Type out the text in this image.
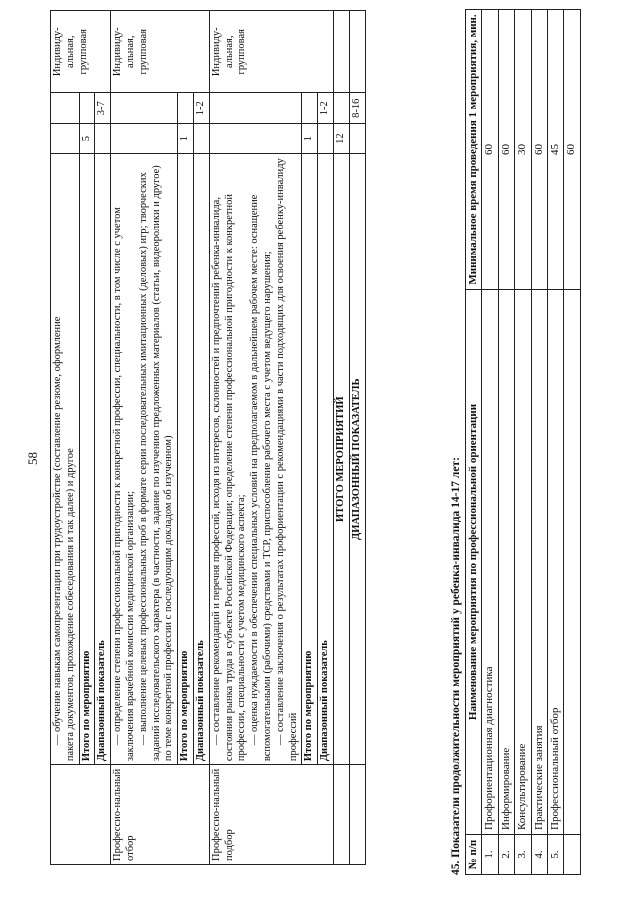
58
	— обучение навыкам самопрезентации при трудоустройстве (составление резюме, оформление пакета документов, прохождение собеседования и так далее) и другое			Индивиду-альная, групповая
	Итого по мероприятию	5		
	Диапазонный показатель		3-7	
Профессио-нальный отбор	— определение степени профессиональной пригодности к конкретной профессии, специальности, в том числе с учетом заключения врачебной комиссии медицинской организации; — выполнение целевых профессиональных проб в формате серии последовательных имитационных (деловых) игр; творческих заданий исследовательского характера (в частности, задание по изучению предложенных материалов (статьи, видеоролики и другое) по теме конкретной профессии с последующим докладом об изученном)			Индивиду-альная, групповая
	Итого по мероприятию	1		
	Диапазонный показатель		1-2	
Профессио-нальный подбор	— составление рекомендаций и перечня профессий, исходя из интересов, склонностей и предпочтений ребенка-инвалида, состояния рынка труда в субъекте Российской Федерации; определение степени профессиональной пригодности к конкретной профессии, специальности с учетом медицинского аспекта; — оценка нуждаемости в обеспечении специальных условий на предполагаемом в дальнейшем рабочем месте: оснащение вспомогательными (рабочими) средствами и ТСР, приспособление рабочего места с учетом ведущего нарушения; — составление заключения о результатах профориентации с рекомендациями в части подходящих для освоения ребенку-инвалиду профессий			Индивиду-альная, групповая
	Итого по мероприятию	1		
	Диапазонный показатель		1-2	
	ИТОГО МЕРОПРИЯТИЙ	12		
	ДИАПАЗОННЫЙ ПОКАЗАТЕЛЬ		8-16	
45. Показатели продолжительности мероприятий у ребенка-инвалида 14-17 лет: № п/п	Наименование мероприятия по профессиональной ориентации	Минимальное время проведения 1 мероприятия, мин.
1.	Профориентационная диагностика	60
2.	Информирование	60
3.	Консультирование	30
4.	Практические занятия	60
5.	Профессиональный отбор	45
		60
